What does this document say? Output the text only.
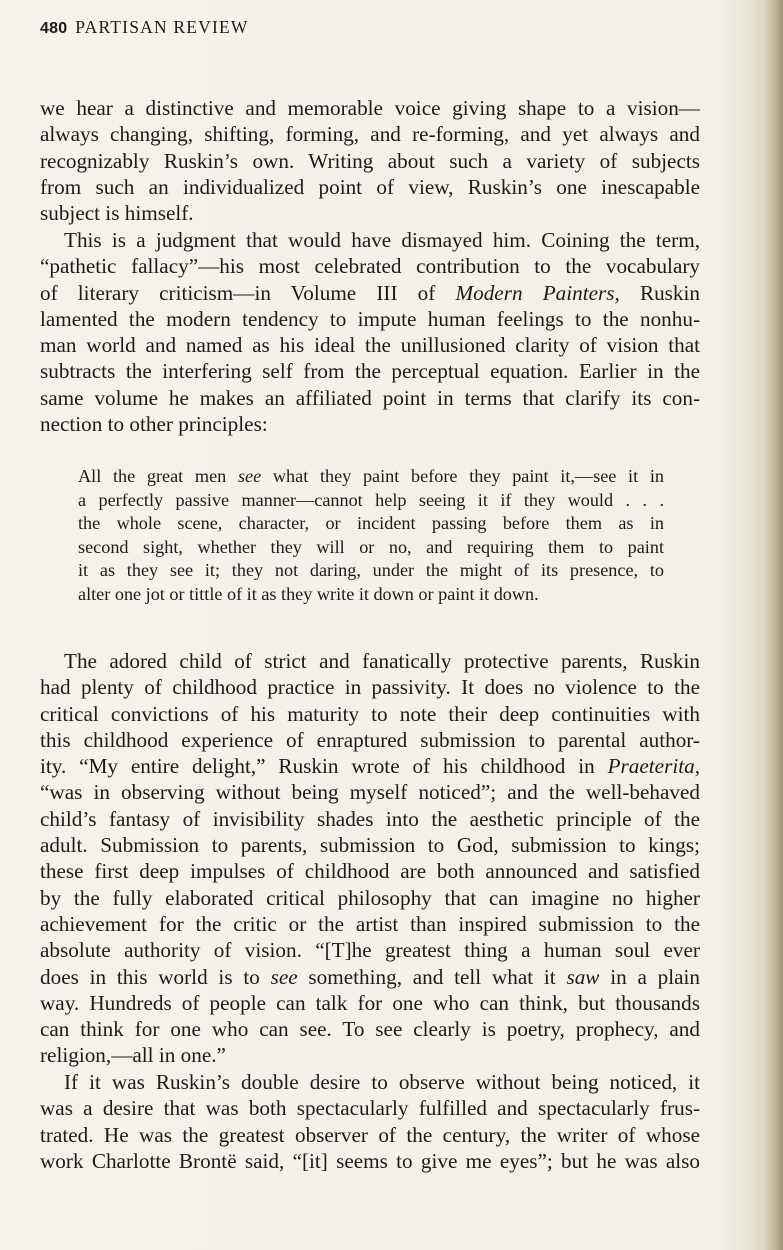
480 PARTISAN REVIEW
we hear a distinctive and memorable voice giving shape to a vision—
always changing, shifting, forming, and re-forming, and yet always and
recognizably Ruskin’s own. Writing about such a variety of subjects
from such an individualized point of view, Ruskin’s one inescapable
subject is himself.
This is a judgment that would have dismayed him. Coining the term,
“pathetic fallacy”—his most celebrated contribution to the vocabulary
of literary criticism—in Volume III of Modern Painters, Ruskin
lamented the modern tendency to impute human feelings to the nonhu-
man world and named as his ideal the unillusioned clarity of vision that
subtracts the interfering self from the perceptual equation. Earlier in the
same volume he makes an affiliated point in terms that clarify its con-
nection to other principles:
All the great men see what they paint before they paint it,—see it in
a perfectly passive manner—cannot help seeing it if they would . . .
the whole scene, character, or incident passing before them as in
second sight, whether they will or no, and requiring them to paint
it as they see it; they not daring, under the might of its presence, to
alter one jot or tittle of it as they write it down or paint it down.
The adored child of strict and fanatically protective parents, Ruskin
had plenty of childhood practice in passivity. It does no violence to the
critical convictions of his maturity to note their deep continuities with
this childhood experience of enraptured submission to parental author-
ity. “My entire delight,” Ruskin wrote of his childhood in Praeterita,
“was in observing without being myself noticed”; and the well-behaved
child’s fantasy of invisibility shades into the aesthetic principle of the
adult. Submission to parents, submission to God, submission to kings;
these first deep impulses of childhood are both announced and satisfied
by the fully elaborated critical philosophy that can imagine no higher
achievement for the critic or the artist than inspired submission to the
absolute authority of vision. “[T]he greatest thing a human soul ever
does in this world is to see something, and tell what it saw in a plain
way. Hundreds of people can talk for one who can think, but thousands
can think for one who can see. To see clearly is poetry, prophecy, and
religion,—all in one.”
If it was Ruskin’s double desire to observe without being noticed, it
was a desire that was both spectacularly fulfilled and spectacularly frus-
trated. He was the greatest observer of the century, the writer of whose
work Charlotte Brontë said, “[it] seems to give me eyes”; but he was also
